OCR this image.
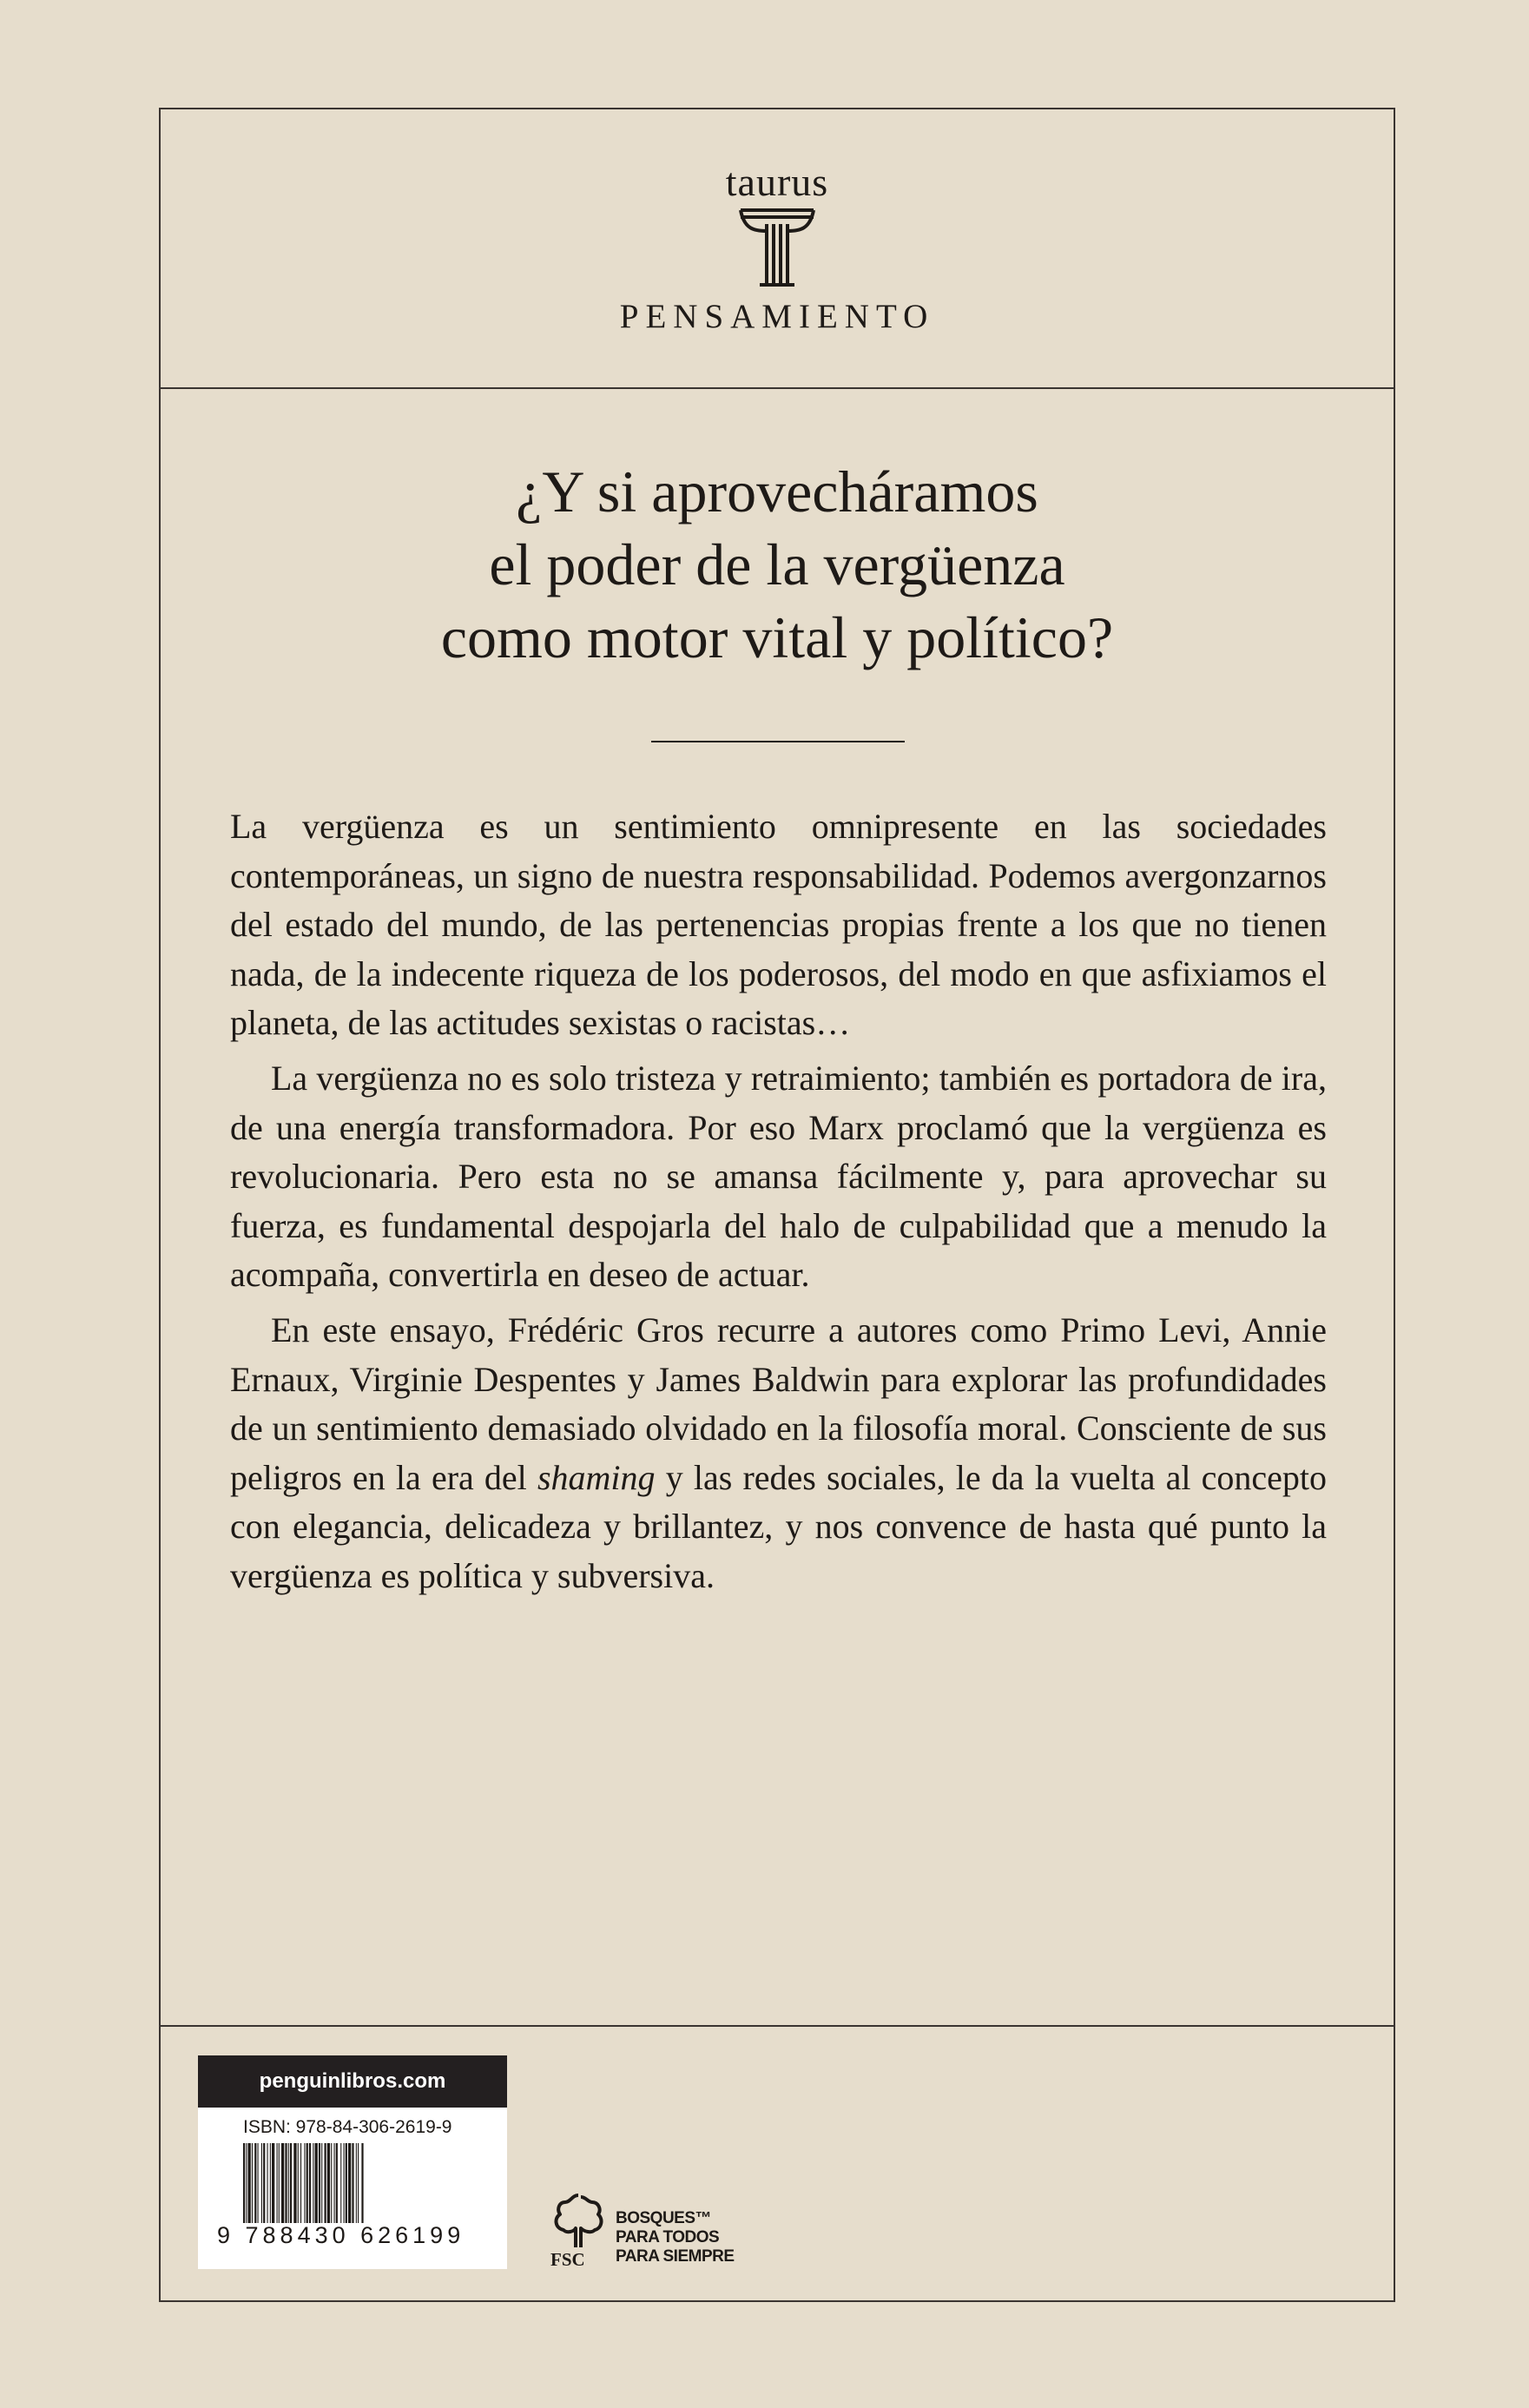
taurus
PENSAMIENTO
¿Y si aprovecháramos
el poder de la vergüenza
como motor vital y político?

La vergüenza es un sentimiento omnipresente en las sociedades contemporáneas, un signo de nuestra responsabilidad. Podemos avergonzarnos del estado del mundo, de las pertenencias propias frente a los que no tienen nada, de la indecente riqueza de los poderosos, del modo en que asfixiamos el planeta, de las actitudes sexistas o racistas…

La vergüenza no es solo tristeza y retraimiento; también es portadora de ira, de una energía transformadora. Por eso Marx proclamó que la vergüenza es revolucionaria. Pero esta no se amansa fácilmente y, para aprovechar su fuerza, es fundamental despojarla del halo de culpabilidad que a menudo la acompaña, convertirla en deseo de actuar.

En este ensayo, Frédéric Gros recurre a autores como Primo Levi, Annie Ernaux, Virginie Despentes y James Baldwin para explorar las profundidades de un sentimiento demasiado olvidado en la filosofía moral. Consciente de sus peligros en la era del shaming y las redes sociales, le da la vuelta al concepto con elegancia, delicadeza y brillantez, y nos convence de hasta qué punto la vergüenza es política y subversiva.

penguinlibros.com
ISBN: 978-84-306-2619-9
9 788430 626199
FSC
BOSQUES™
PARA TODOS
PARA SIEMPRE
